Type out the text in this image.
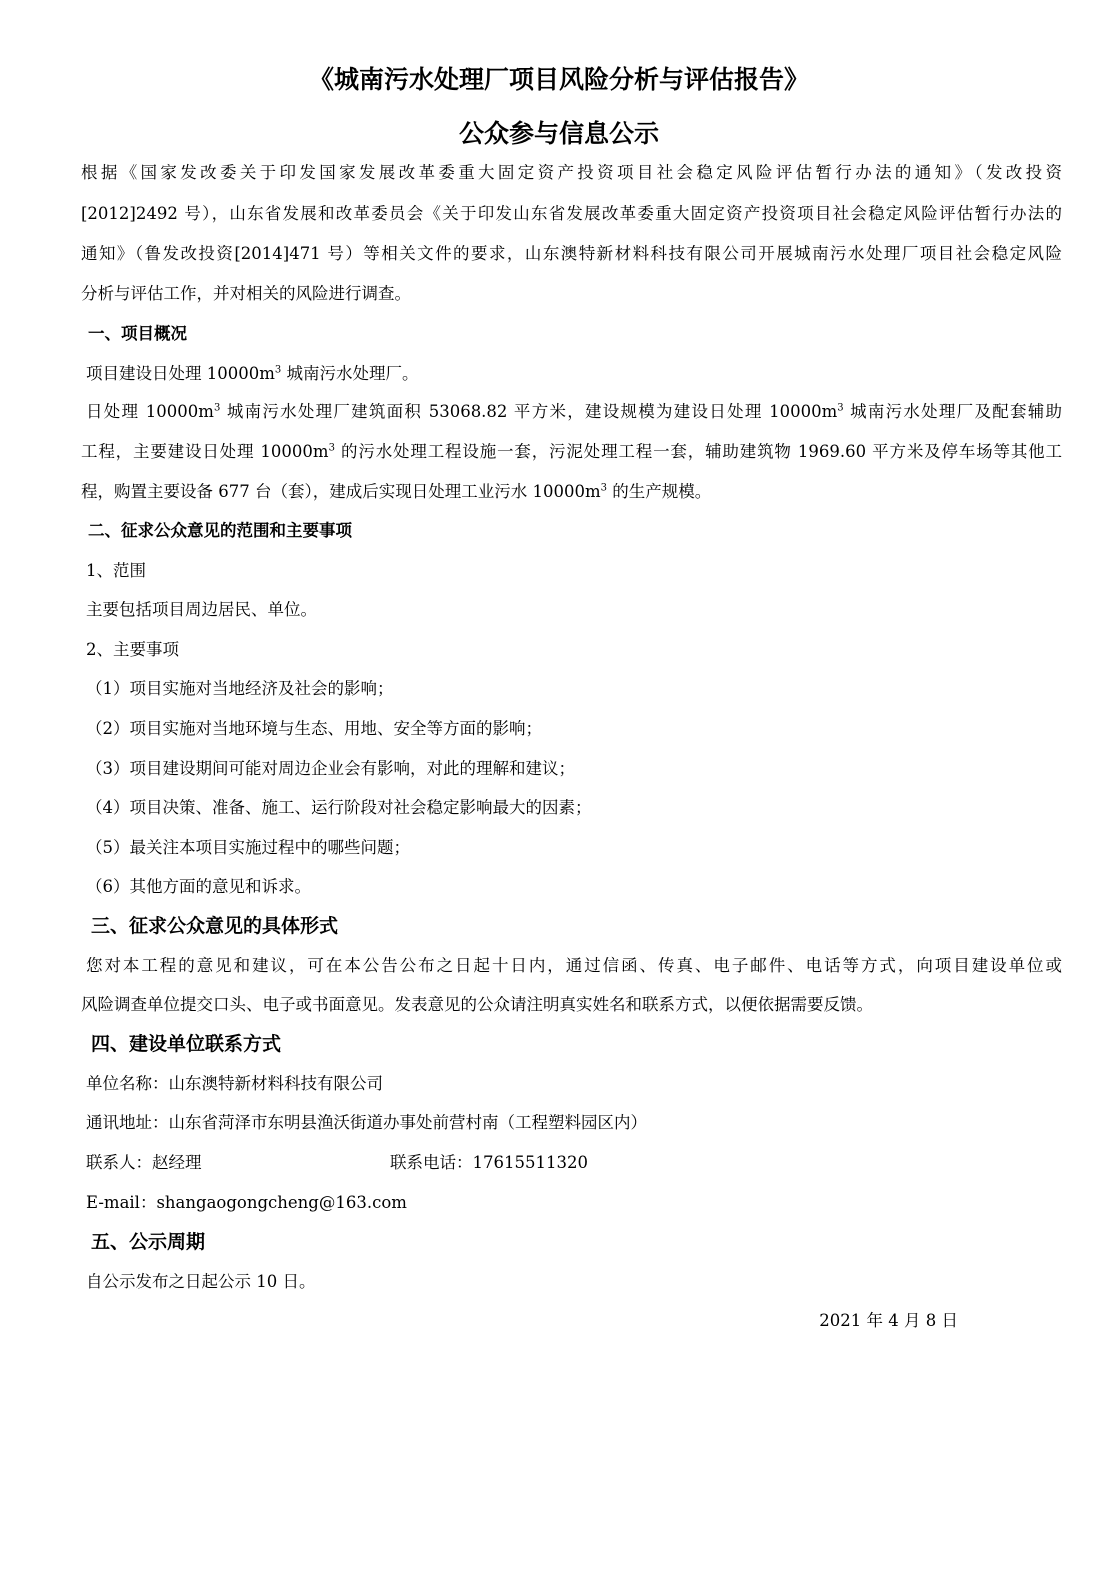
《城南污水处理厂项目风险分析与评估报告》
公众参与信息公示
根据《国家发改委关于印发国家发展改革委重大固定资产投资项目社会稳定风险评估暂行办法的通知》（发改投资
[2012]2492 号），山东省发展和改革委员会《关于印发山东省发展改革委重大固定资产投资项目社会稳定风险评估暂行办法的
通知》（鲁发改投资[2014]471 号）等相关文件的要求，山东澳特新材料科技有限公司开展城南污水处理厂项目社会稳定风险
分析与评估工作，并对相关的风险进行调查。
一、项目概况
项目建设日处理 $10000m^3$ 城南污水处理厂。
日处理 $10000m^3$ 城南污水处理厂建筑面积 53068.82 平方米，建设规模为建设日处理 $10000m^3$ 城南污水处理厂及配套辅助
工程，主要建设日处理 $10000m^3$ 的污水处理工程设施一套，污泥处理工程一套，辅助建筑物 1969.60 平方米及停车场等其他工
程，购置主要设备 677 台（套），建成后实现日处理工业污水 $10000m^3$ 的生产规模。
二、征求公众意见的范围和主要事项
1、范围
主要包括项目周边居民、单位。
2、主要事项
（1）项目实施对当地经济及社会的影响；
（2）项目实施对当地环境与生态、用地、安全等方面的影响；
（3）项目建设期间可能对周边企业会有影响，对此的理解和建议；
（4）项目决策、准备、施工、运行阶段对社会稳定影响最大的因素；
（5）最关注本项目实施过程中的哪些问题；
（6）其他方面的意见和诉求。
三、征求公众意见的具体形式
您对本工程的意见和建议，可在本公告公布之日起十日内，通过信函、传真、电子邮件、电话等方式，向项目建设单位或
风险调查单位提交口头、电子或书面意见。发表意见的公众请注明真实姓名和联系方式，以便依据需要反馈。
四、建设单位联系方式
单位名称：山东澳特新材料科技有限公司
通讯地址：山东省菏泽市东明县渔沃街道办事处前营村南（工程塑料园区内）
联系人：赵经理	联系电话：17615511320
E-mail：shangaogongcheng@163.com
五、公示周期
自公示发布之日起公示 10 日。
2021 年 4 月 8 日
